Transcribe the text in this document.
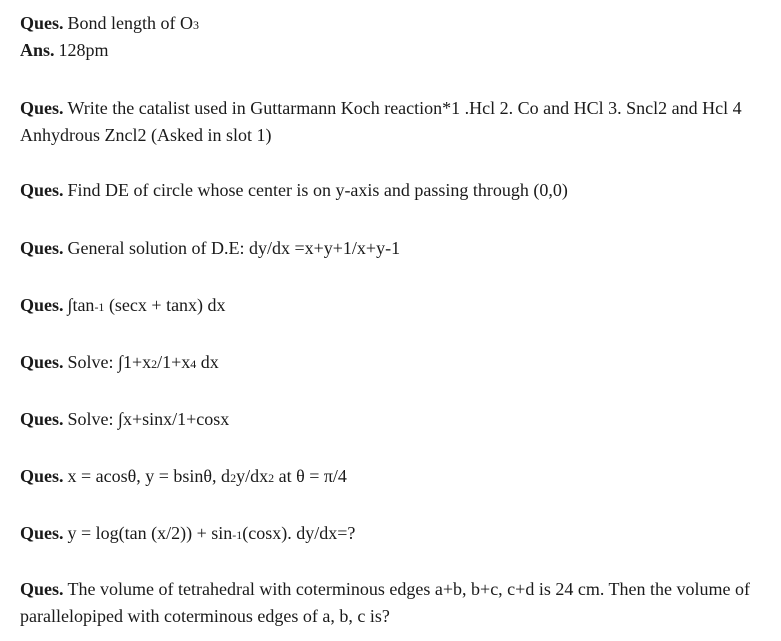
Ques. Bond length of O3

Ans. 128pm

Ques. Write the catalist used in Guttarmann Koch reaction*1 .Hcl 2. Co and HCl 3. Sncl2 and Hcl 4 Anhydrous Zncl2 (Asked in slot 1)

Ques. Find DE of circle whose center is on y-axis and passing through (0,0)

Ques. General solution of D.E: dy/dx =x+y+1/x+y-1

Ques. ∫tan-1 (secx + tanx) dx

Ques. Solve: ∫1+x2/1+x4 dx

Ques. Solve: ∫x+sinx/1+cosx

Ques. x = acosθ, y = bsinθ, d2y/dx2 at θ = π/4

Ques. y = log(tan (x/2)) + sin-1(cosx). dy/dx=?

Ques. The volume of tetrahedral with coterminous edges a+b, b+c, c+d is 24 cm. Then the volume of parallelopiped with coterminous edges of a, b, c is?
